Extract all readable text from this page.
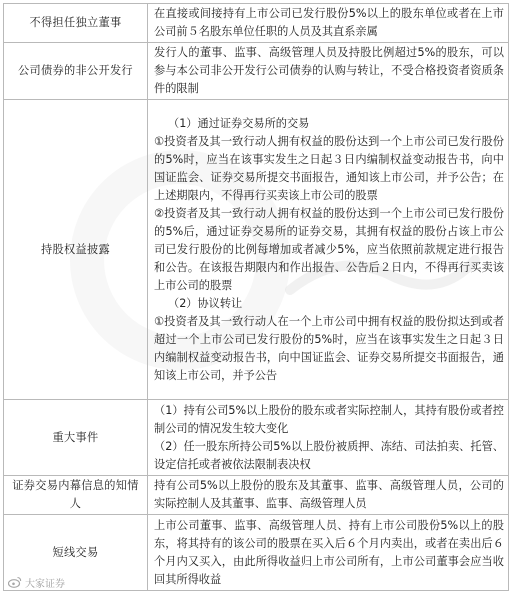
不得担任独立董事	在直接或间接持有上市公司已发行股份5%以上的股东单位或者在上市公司前５名股东单位任职的人员及其直系亲属
公司债券的非公开发行	发行人的董事、监事、高级管理人员及持股比例超过5%的股东，可以参与本公司非公开发行公司债券的认购与转让，不受合格投资者资质条件的限制
持股权益披露	（1）通过证券交易所的交易
①投资者及其一致行动人拥有权益的股份达到一个上市公司已发行股份的5%时，应当在该事实发生之日起３日内编制权益变动报告书，向中国证监会、证券交易所提交书面报告，通知该上市公司，并予公告；在上述期限内，不得再行买卖该上市公司的股票
②投资者及其一致行动人拥有权益的股份达到一个上市公司已发行股份的5%后，通过证券交易所的证券交易，其拥有权益的股份占该上市公司已发行股份的比例每增加或者减少5%，应当依照前款规定进行报告和公告。在该报告期限内和作出报告、公告后２日内，不得再行买卖该上市公司的股票
（2）协议转让
①投资者及其一致行动人在一个上市公司中拥有权益的股份拟达到或者超过一个上市公司已发行股份的5%时，应当在该事实发生之日起３日内编制权益变动报告书，向中国证监会、证券交易所提交书面报告，通知该上市公司，并予公告

重大事件	（1）持有公司5%以上股份的股东或者实际控制人，其持有股份或者控制公司的情况发生较大变化
（2）任一股东所持公司5%以上股份被质押、冻结、司法拍卖、托管、设定信托或者被依法限制表决权

证券交易内幕信息的知情人	持有公司5%以上股份的股东及其董事、监事、高级管理人员，公司的实际控制人及其董事、监事、高级管理人员
短线交易	上市公司董事、监事、高级管理人员、持有上市公司股份5%以上的股东，将其持有的该公司的股票在买入后６个月内卖出，或者在卖出后６个月内又买入，由此所得收益归上市公司所有，上市公司董事会应当收回其所得收益
大家证券
